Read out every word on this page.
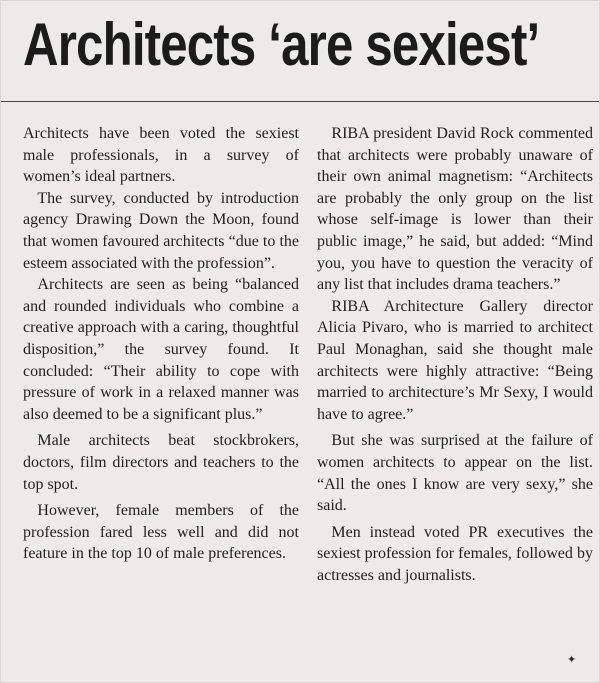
Architects ‘are sexiest’

Architects have been voted the sexiest male professionals, in a survey of women’s ideal partners.

The survey, conducted by introduction agency Drawing Down the Moon, found that women favoured architects “due to the esteem associated with the profession”.

Architects are seen as being “balanced and rounded individuals who combine a creative approach with a caring, thoughtful disposition,” the survey found. It concluded: “Their ability to cope with pressure of work in a relaxed manner was also deemed to be a significant plus.”

Male architects beat stockbrokers, doctors, film directors and teachers to the top spot.

However, female members of the profession fared less well and did not feature in the top 10 of male preferences.

RIBA president David Rock commented that architects were probably unaware of their own animal magnetism: “Architects are probably the only group on the list whose self-image is lower than their public image,” he said, but added: “Mind you, you have to question the veracity of any list that includes drama teachers.”

RIBA Architecture Gallery director Alicia Pivaro, who is married to architect Paul Monaghan, said she thought male architects were highly attractive: “Being married to architecture’s Mr Sexy, I would have to agree.”

But she was surprised at the failure of women architects to appear on the list. “All the ones I know are very sexy,” she said.

Men instead voted PR executives the sexiest profession for females, followed by actresses and journalists.

✦
